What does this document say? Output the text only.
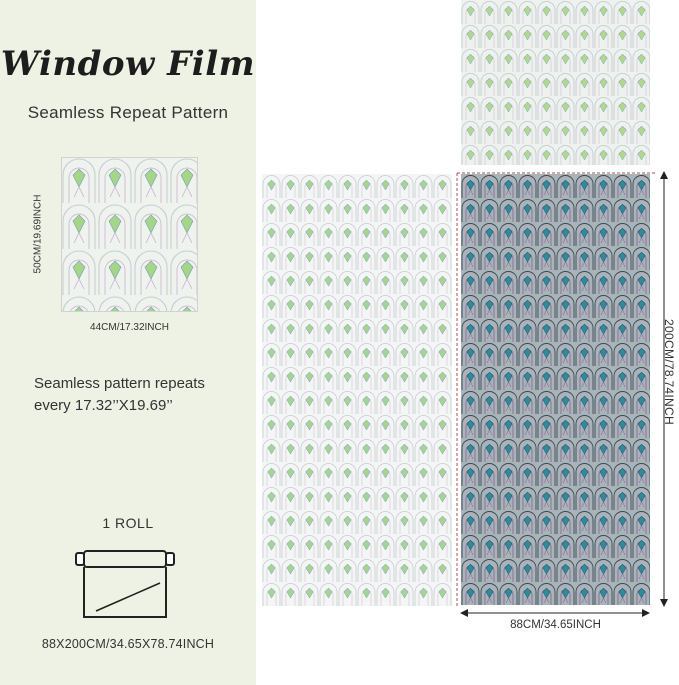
Window Film
Seamless Repeat Pattern
50CM/19.69INCH
44CM/17.32INCH
Seamless pattern repeats
every 17.32’’X19.69’’
1 ROLL
88X200CM/34.65X78.74INCH
200CM/78.74INCH
88CM/34.65INCH
